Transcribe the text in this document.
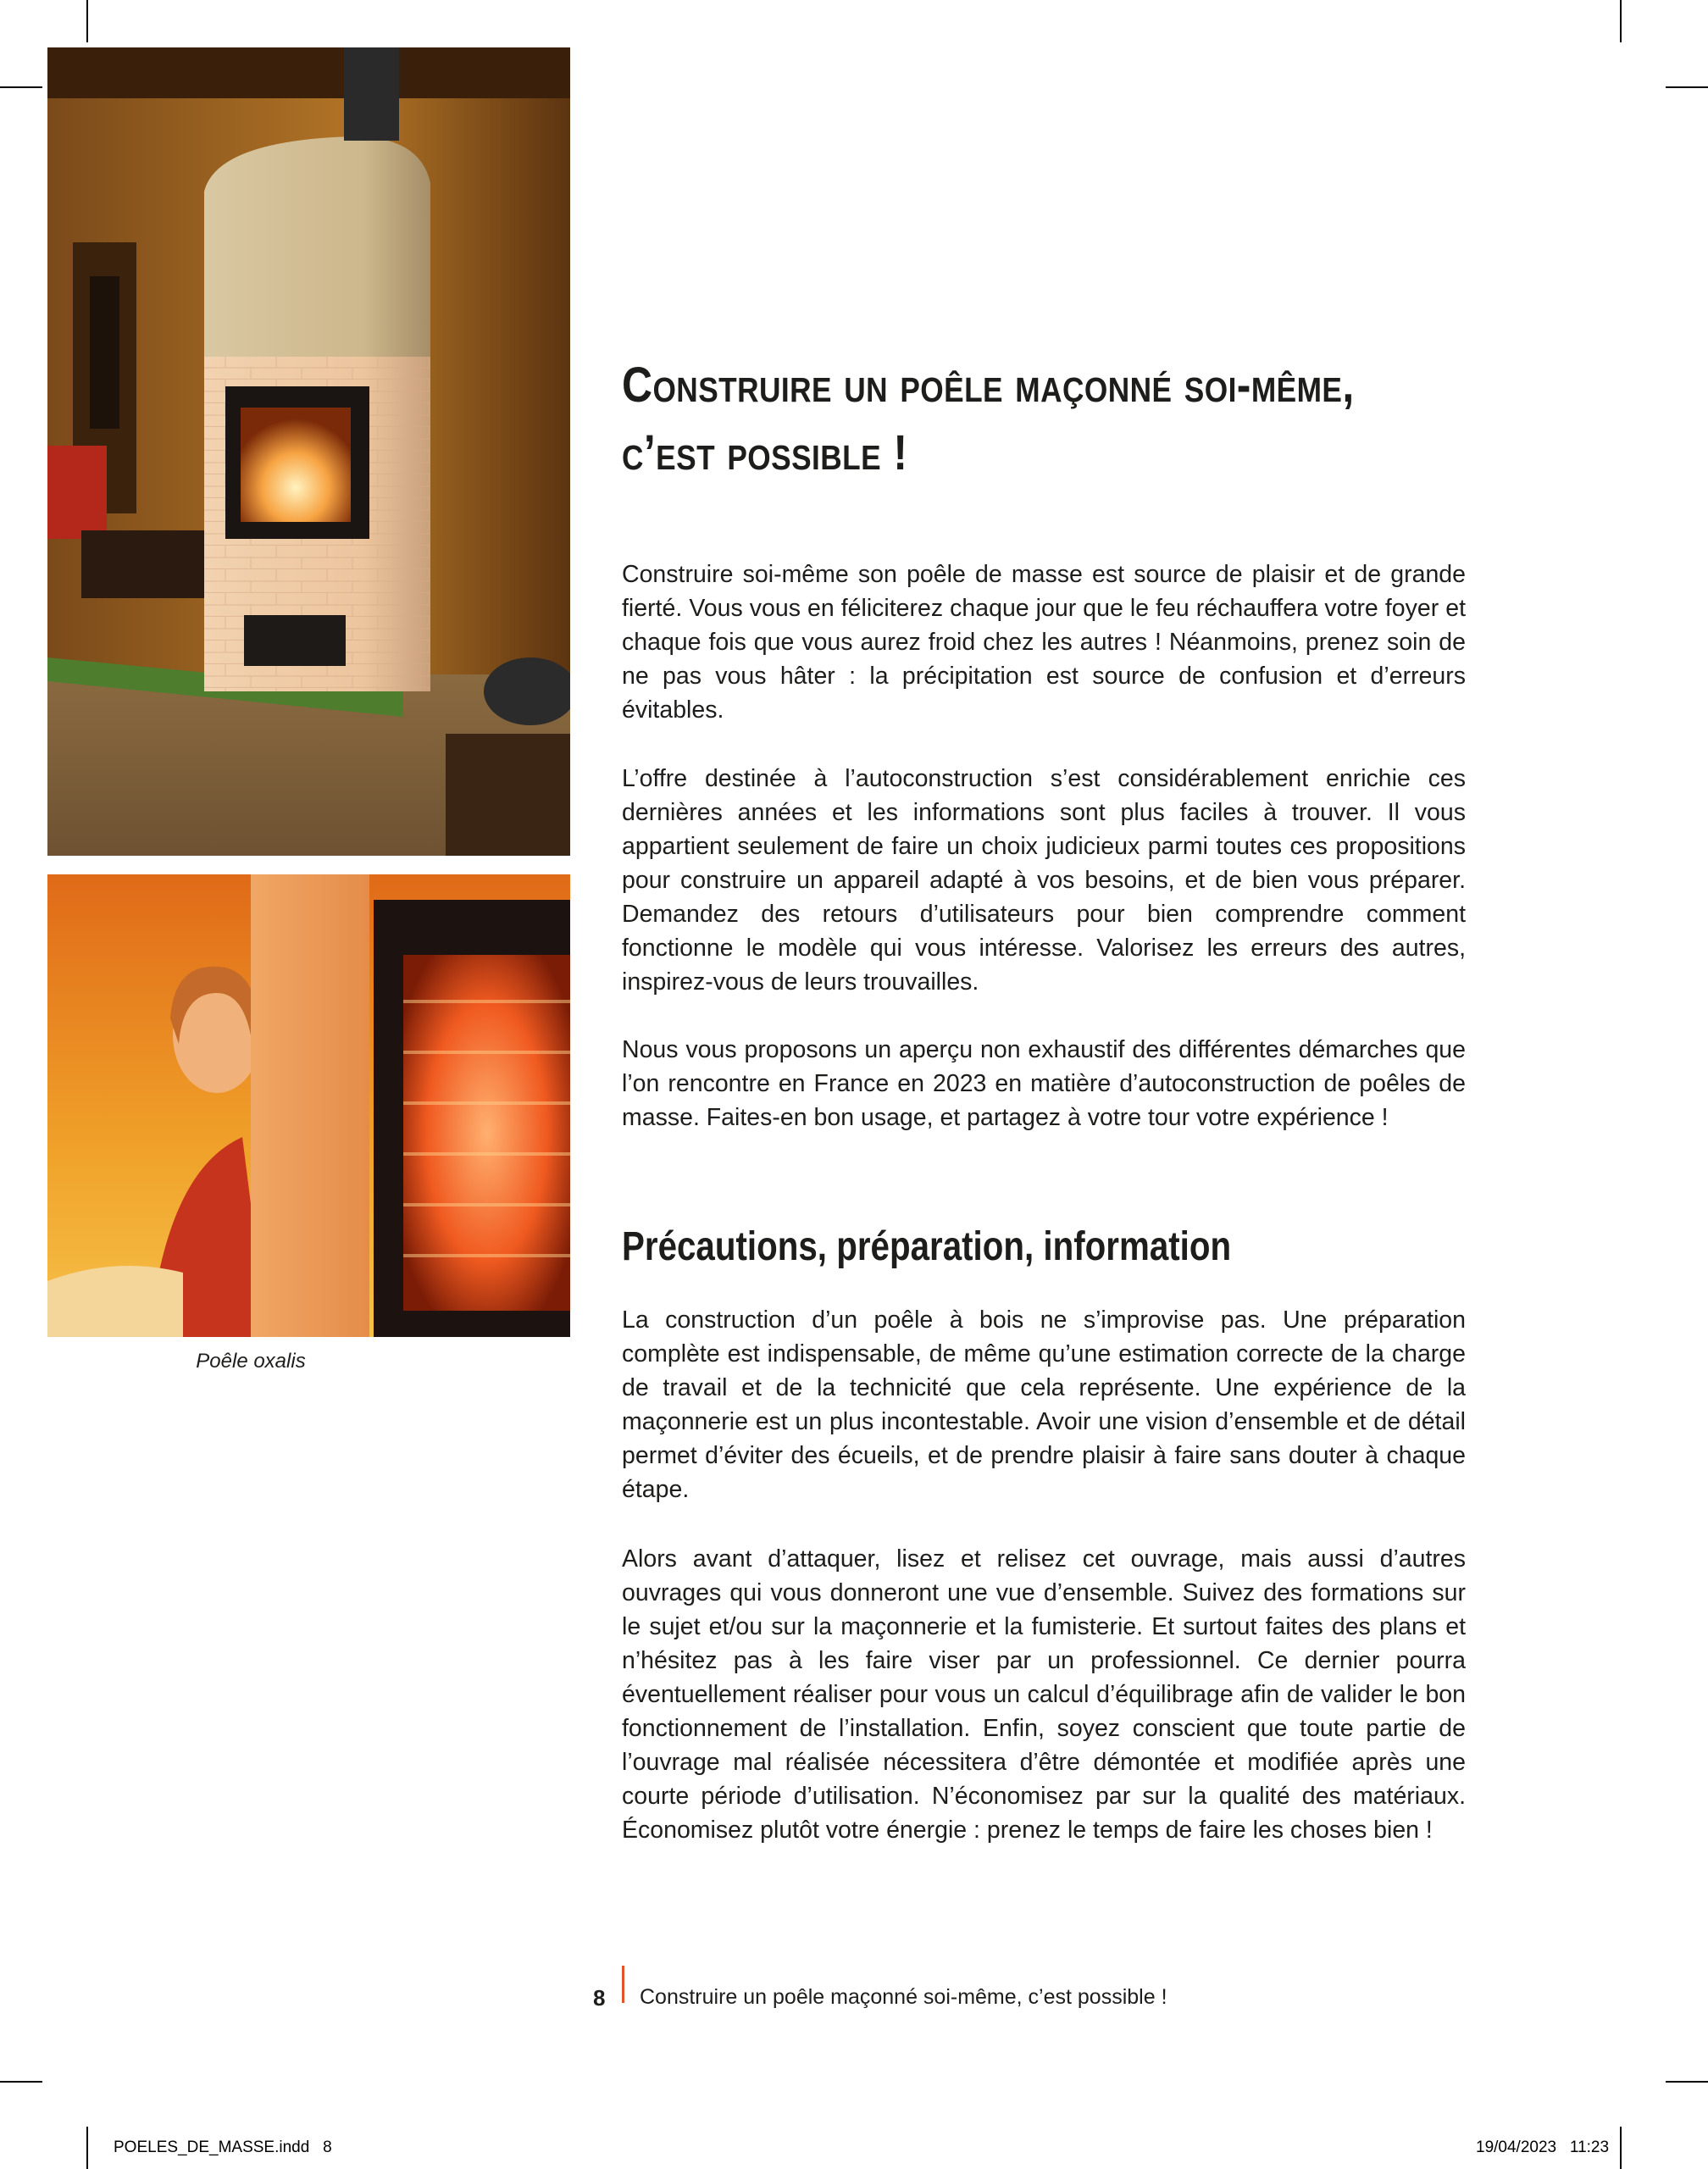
Poêle oxalis
Construire un poêle maçonné soi-même,
c’est possible !

Construire soi-même son poêle de masse est source de plaisir et de grande fierté. Vous vous en féliciterez chaque jour que le feu réchauffera votre foyer et chaque fois que vous aurez froid chez les autres ! Néanmoins, prenez soin de ne pas vous hâter : la précipitation est source de confusion et d’erreurs évitables.

L’offre destinée à l’autoconstruction s’est considérablement enrichie ces dernières années et les informations sont plus faciles à trouver. Il vous appartient seulement de faire un choix judicieux parmi toutes ces propositions pour construire un appareil adapté à vos besoins, et de bien vous préparer. Demandez des retours d’utilisateurs pour bien comprendre comment fonctionne le modèle qui vous intéresse. Valorisez les erreurs des autres, inspirez-vous de leurs trouvailles.

Nous vous proposons un aperçu non exhaustif des différentes démarches que l’on rencontre en France en 2023 en matière d’autoconstruction de poêles de masse. Faites-en bon usage, et partagez à votre tour votre expérience !

Précautions, préparation, information

La construction d’un poêle à bois ne s’improvise pas. Une préparation complète est indispensable, de même qu’une estimation correcte de la charge de travail et de la technicité que cela représente. Une expérience de la maçonnerie est un plus incontestable. Avoir une vision d’ensemble et de détail permet d’éviter des écueils, et de prendre plaisir à faire sans douter à chaque étape.

Alors avant d’attaquer, lisez et relisez cet ouvrage, mais aussi d’autres ouvrages qui vous donneront une vue d’ensemble. Suivez des formations sur le sujet et/ou sur la maçonnerie et la fumisterie. Et surtout faites des plans et n’hésitez pas à les faire viser par un professionnel. Ce dernier pourra éventuellement réaliser pour vous un calcul d’équilibrage afin de valider le bon fonctionnement de l’installation. Enfin, soyez conscient que toute partie de l’ouvrage mal réalisée nécessitera d’être démontée et modifiée après une courte période d’utilisation. N’économisez par sur la qualité des matériaux. Économisez plutôt votre énergie : prenez le temps de faire les choses bien !

8 Construire un poêle maçonné soi-même, c’est possible !
POELES_DE_MASSE.indd   8	19/04/2023   11:23
